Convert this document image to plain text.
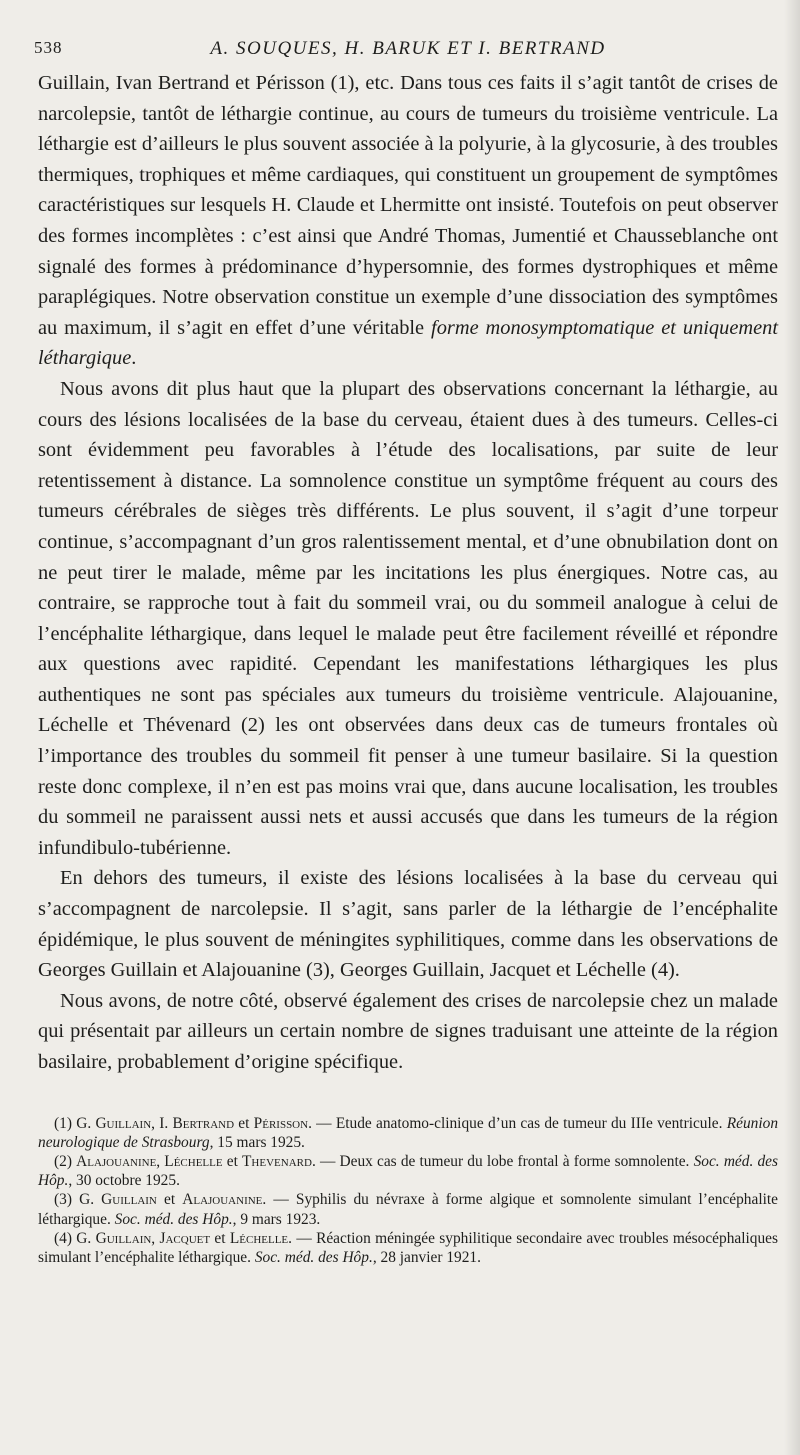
538	A. SOUQUES, H. BARUK ET I. BERTRAND

Guillain, Ivan Bertrand et Périsson (1), etc. Dans tous ces faits il s’agit tantôt de crises de narcolepsie, tantôt de léthargie continue, au cours de tumeurs du troisième ventricule. La léthargie est d’ailleurs le plus souvent associée à la polyurie, à la glycosurie, à des troubles thermiques, trophiques et même cardiaques, qui constituent un groupement de symptômes caractéristiques sur lesquels H. Claude et Lhermitte ont insisté. Toutefois on peut observer des formes incomplètes : c’est ainsi que André Thomas, Jumentié et Chausseblanche ont signalé des formes à prédominance d’hypersomnie, des formes dystrophiques et même paraplégiques. Notre observation constitue un exemple d’une dissociation des symptômes au maximum, il s’agit en effet d’une véritable forme monosymptomatique et uniquement léthargique.

Nous avons dit plus haut que la plupart des observations concernant la léthargie, au cours des lésions localisées de la base du cerveau, étaient dues à des tumeurs. Celles-ci sont évidemment peu favorables à l’étude des localisations, par suite de leur retentissement à distance. La somnolence constitue un symptôme fréquent au cours des tumeurs cérébrales de sièges très différents. Le plus souvent, il s’agit d’une torpeur continue, s’accompagnant d’un gros ralentissement mental, et d’une obnubilation dont on ne peut tirer le malade, même par les incitations les plus énergiques. Notre cas, au contraire, se rapproche tout à fait du sommeil vrai, ou du sommeil analogue à celui de l’encéphalite léthargique, dans lequel le malade peut être facilement réveillé et répondre aux questions avec rapidité. Cependant les manifestations léthargiques les plus authentiques ne sont pas spéciales aux tumeurs du troisième ventricule. Alajouanine, Léchelle et Thévenard (2) les ont observées dans deux cas de tumeurs frontales où l’importance des troubles du sommeil fit penser à une tumeur basilaire. Si la question reste donc complexe, il n’en est pas moins vrai que, dans aucune localisation, les troubles du sommeil ne paraissent aussi nets et aussi accusés que dans les tumeurs de la région infundibulo-tubérienne.

En dehors des tumeurs, il existe des lésions localisées à la base du cerveau qui s’accompagnent de narcolepsie. Il s’agit, sans parler de la léthargie de l’encéphalite épidémique, le plus souvent de méningites syphilitiques, comme dans les observations de Georges Guillain et Alajouanine (3), Georges Guillain, Jacquet et Léchelle (4).

Nous avons, de notre côté, observé également des crises de narcolepsie chez un malade qui présentait par ailleurs un certain nombre de signes traduisant une atteinte de la région basilaire, probablement d’origine spécifique.

(1) G. Guillain, I. Bertrand et Périsson. — Etude anatomo-clinique d’un cas de tumeur du IIIe ventricule. Réunion neurologique de Strasbourg, 15 mars 1925.

(2) Alajouanine, Léchelle et Thevenard. — Deux cas de tumeur du lobe frontal à forme somnolente. Soc. méd. des Hôp., 30 octobre 1925.

(3) G. Guillain et Alajouanine. — Syphilis du névraxe à forme algique et somnolente simulant l’encéphalite léthargique. Soc. méd. des Hôp., 9 mars 1923.

(4) G. Guillain, Jacquet et Léchelle. — Réaction méningée syphilitique secondaire avec troubles mésocéphaliques simulant l’encéphalite léthargique. Soc. méd. des Hôp., 28 janvier 1921.
